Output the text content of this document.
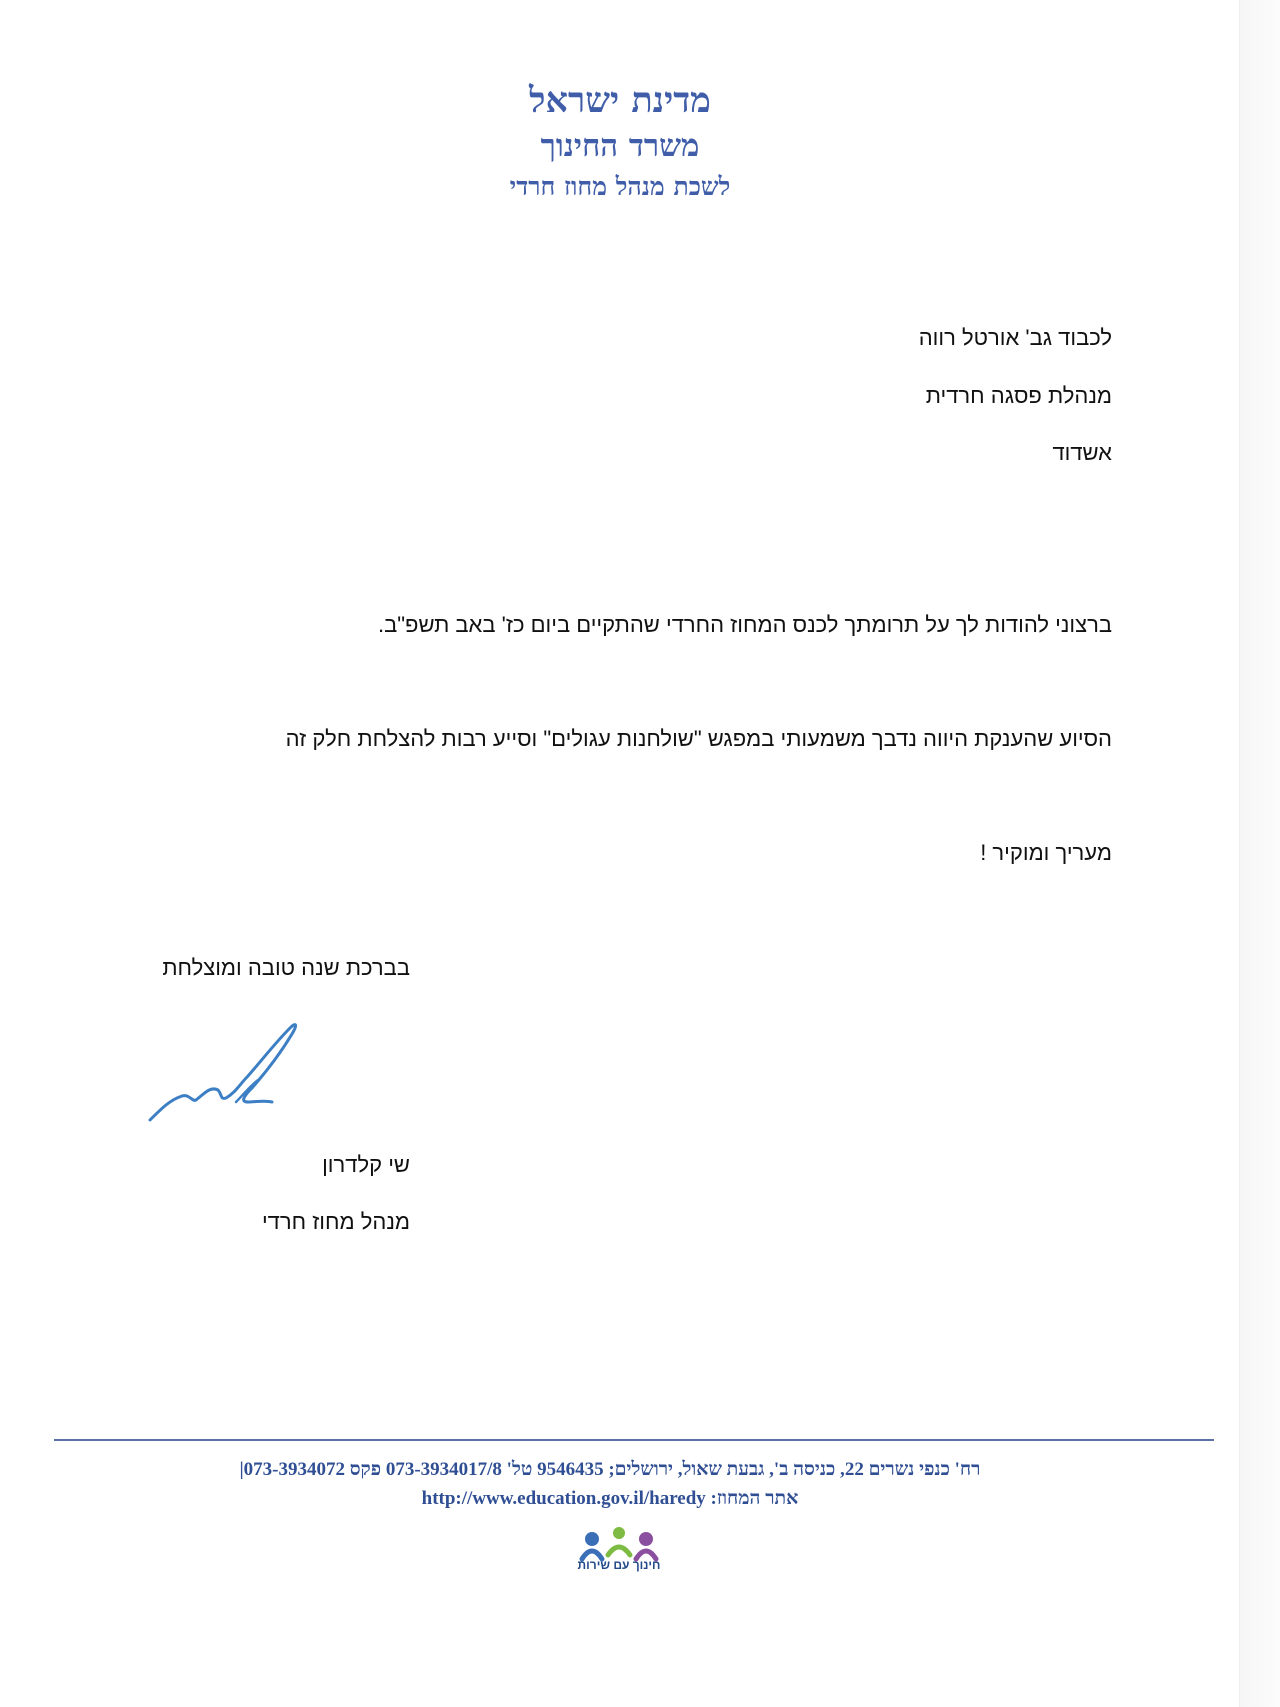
מדינת ישראל
משרד החינוך
לשכת מנהל מחוז חרדי
לכבוד גב' אורטל רווה
מנהלת פסגה חרדית
אשדוד
ברצוני להודות לך על תרומתך לכנס המחוז החרדי שהתקיים ביום כז' באב תשפ"ב.
הסיוע שהענקת היווה נדבך משמעותי במפגש "שולחנות עגולים" וסייע רבות להצלחת חלק זה
מעריך ומוקיר !
בברכת שנה טובה ומוצלחת
שי קלדרון
מנהל מחוז חרדי
רח' כנפי נשרים 22, כניסה ב', גבעת שאול, ירושלים; 9546435 טל' 073-3934017/8 פקס 073-3934072|
אתר המחוז: http://www.education.gov.il/haredy
חינוך עם שירות
